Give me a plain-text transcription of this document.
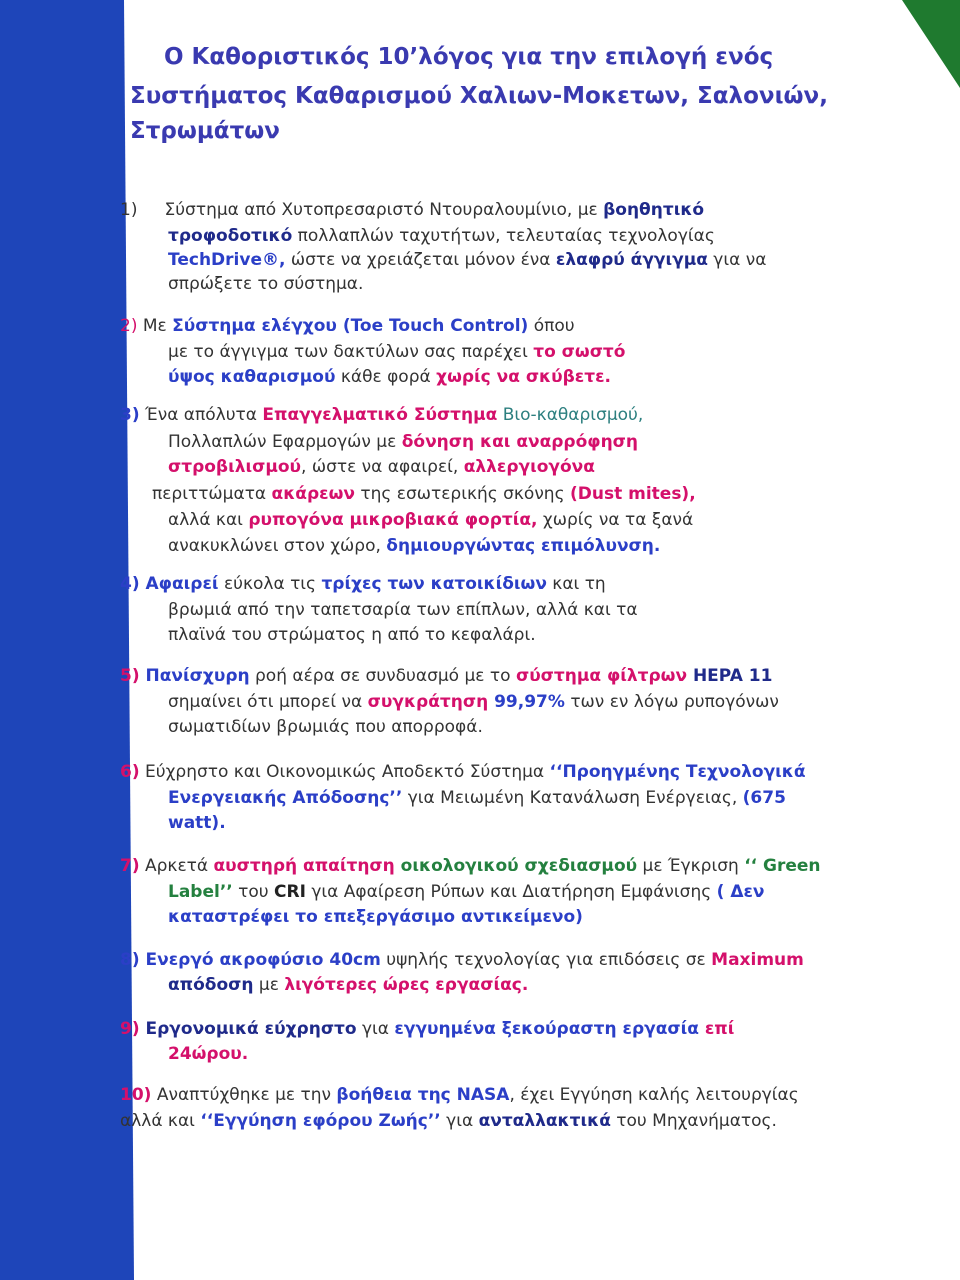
Ο Καθοριστικός 10’λόγος για την επιλογή ενός
Συστήματος Καθαρισμού Χαλιων-Μοκετων, Σαλονιών,
Στρωμάτων
1) Σύστημα από Χυτοπρεσαριστό Ντουραλουμίνιο, με βοηθητικό
τροφοδοτικό πολλαπλών ταχυτήτων, τελευταίας τεχνολογίας
TechDrive®, ώστε να χρειάζεται μόνον ένα ελαφρύ άγγιγμα για να
σπρώξετε το σύστημα.
2) Με Σύστημα ελέγχου (Toe Touch Control) όπου
με το άγγιγμα των δακτύλων σας παρέχει το σωστό
ύψος καθαρισμού κάθε φορά χωρίς να σκύβετε.
3) Ένα απόλυτα Επαγγελματικό Σύστημα Βιο-καθαρισμού,
Πολλαπλών Εφαρμογών με δόνηση και αναρρόφηση
στροβιλισμού, ώστε να αφαιρεί, αλλεργιογόνα
περιττώματα ακάρεων της εσωτερικής σκόνης (Dust mites),
αλλά και ρυπογόνα μικροβιακά φορτία, χωρίς να τα ξανά
ανακυκλώνει στον χώρο, δημιουργώντας επιμόλυνση.
4) Αφαιρεί εύκολα τις τρίχες των κατοικίδιων και τη
βρωμιά από την ταπετσαρία των επίπλων, αλλά και τα
πλαϊνά του στρώματος η από το κεφαλάρι.
5) Πανίσχυρη ροή αέρα σε συνδυασμό με το σύστημα φίλτρων HEPA 11
σημαίνει ότι μπορεί να συγκράτηση 99,97% των εν λόγω ρυπογόνων
σωματιδίων βρωμιάς που απορροφά.
6) Εύχρηστο και Οικονομικώς Αποδεκτό Σύστημα ‘‘Προηγμένης Τεχνολογικά
Ενεργειακής Απόδοσης’’ για Μειωμένη Κατανάλωση Ενέργειας, (675
watt).
7) Αρκετά αυστηρή απαίτηση οικολογικού σχεδιασμού με Έγκριση ‘‘ Green
Label’’ του CRI για Αφαίρεση Ρύπων και Διατήρηση Εμφάνισης ( Δεν
καταστρέφει το επεξεργάσιμο αντικείμενο)
8) Ενεργό ακροφύσιο 40cm υψηλής τεχνολογίας για επιδόσεις σε Maximum
απόδοση με λιγότερες ώρες εργασίας.
9) Εργονομικά εύχρηστο για εγγυημένα ξεκούραστη εργασία επί
24ώρου.
10) Αναπτύχθηκε με την βοήθεια της NASA, έχει Εγγύηση καλής λειτουργίας
αλλά και ‘‘Εγγύηση εφόρου Ζωής’’ για ανταλλακτικά του Μηχανήματος.
